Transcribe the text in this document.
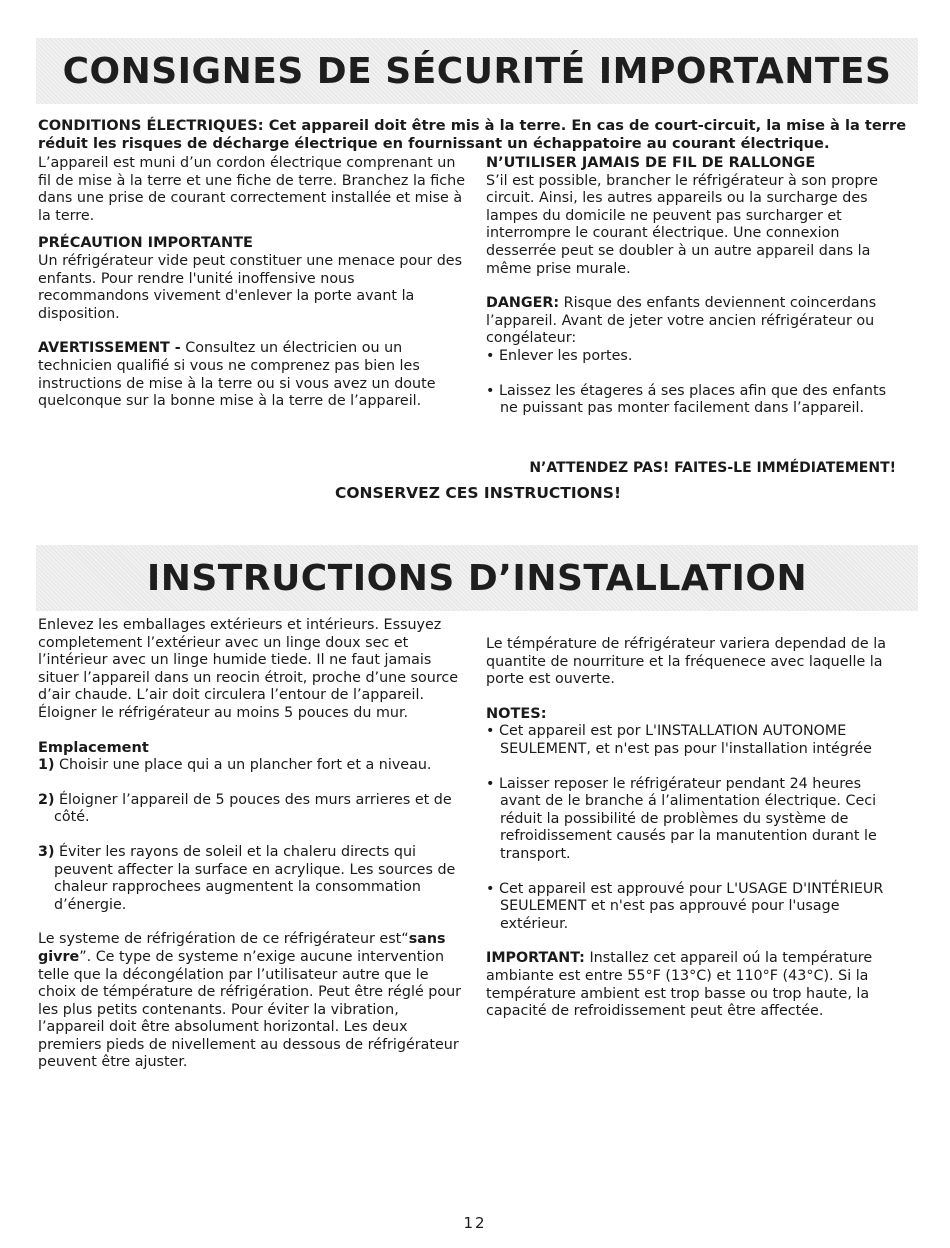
CONSIGNES DE SÉCURITÉ IMPORTANTES
CONDITIONS ÉLECTRIQUES: Cet appareil doit être mis à la terre. En cas de court-circuit, la mise à la terre réduit les risques de décharge électrique en fournissant un échappatoire au courant électrique.

L’appareil est muni d’un cordon électrique comprenant un fil de mise à la terre et une fiche de terre. Branchez la fiche dans une prise de courant correctement installée et mise à la terre.

PRÉCAUTION IMPORTANTE

Un réfrigérateur vide peut constituer une menace pour des enfants. Pour rendre l'unité inoffensive nous recommandons vivement d'enlever la porte avant la disposition.

AVERTISSEMENT - Consultez un électricien ou un technicien qualifié si vous ne comprenez pas bien les instructions de mise à la terre ou si vous avez un doute quelconque sur la bonne mise à la terre de l’appareil.

N’UTILISER JAMAIS DE FIL DE RALLONGE

S’il est possible, brancher le réfrigérateur à son propre circuit. Ainsi, les autres appareils ou la surcharge des lampes du domicile ne peuvent pas surcharger et interrompre le courant électrique. Une connexion desserrée peut se doubler à un autre appareil dans la même prise murale.

DANGER: Risque des enfants deviennent coincerdans l’appareil. Avant de jeter votre ancien réfrigérateur ou congélateur:

• Enlever les portes.

• Laissez les étageres á ses places afin que des enfants ne puissant pas monter facilement dans l’appareil.

N’ATTENDEZ PAS! FAITES-LE IMMÉDIATEMENT!
CONSERVEZ CES INSTRUCTIONS!
INSTRUCTIONS D’INSTALLATION

Enlevez les emballages extérieurs et intérieurs. Essuyez completement l’extérieur avec un linge doux sec et l’intérieur avec un linge humide tiede. Il ne faut jamais situer l’appareil dans un reocin étroit, proche d’une source d’air chaude. L’air doit circulera l’entour de l’appareil. Éloigner le réfrigérateur au moins 5 pouces du mur.

Emplacement

1) Choisir une place qui a un plancher fort et a niveau.

2) Éloigner l’appareil de 5 pouces des murs arrieres et de côté.

3) Éviter les rayons de soleil et la chaleru directs qui peuvent affecter la surface en acrylique. Les sources de chaleur rapprochees augmentent la consommation d’énergie.

Le systeme de réfrigération de ce réfrigérateur est“sans givre”. Ce type de systeme n’exige aucune intervention telle que la décongélation par l’utilisateur autre que le choix de témpérature de réfrigération. Peut être réglé pour les plus petits contenants. Pour éviter la vibration, l’appareil doit être absolument horizontal. Les deux premiers pieds de nivellement au dessous de réfrigérateur peuvent être ajuster.

Le témpérature de réfrigérateur variera dependad de la quantite de nourriture et la fréquenece avec laquelle la porte est ouverte.

NOTES:

• Cet appareil est por L'INSTALLATION AUTONOME SEULEMENT, et n'est pas pour l'installation intégrée

• Laisser reposer le réfrigérateur pendant 24 heures avant de le branche á l’alimentation électrique. Ceci réduit la possibilité de problèmes du système de refroidissement causés par la manutention durant le transport.

• Cet appareil est approuvé pour L'USAGE D'INTÉRIEUR SEULEMENT et n'est pas approuvé pour l'usage extérieur.

IMPORTANT: Installez cet appareil oú la température ambiante est entre 55°F (13°C) et 110°F (43°C). Si la température ambient est trop basse ou trop haute, la capacité de refroidissement peut être affectée.

12
